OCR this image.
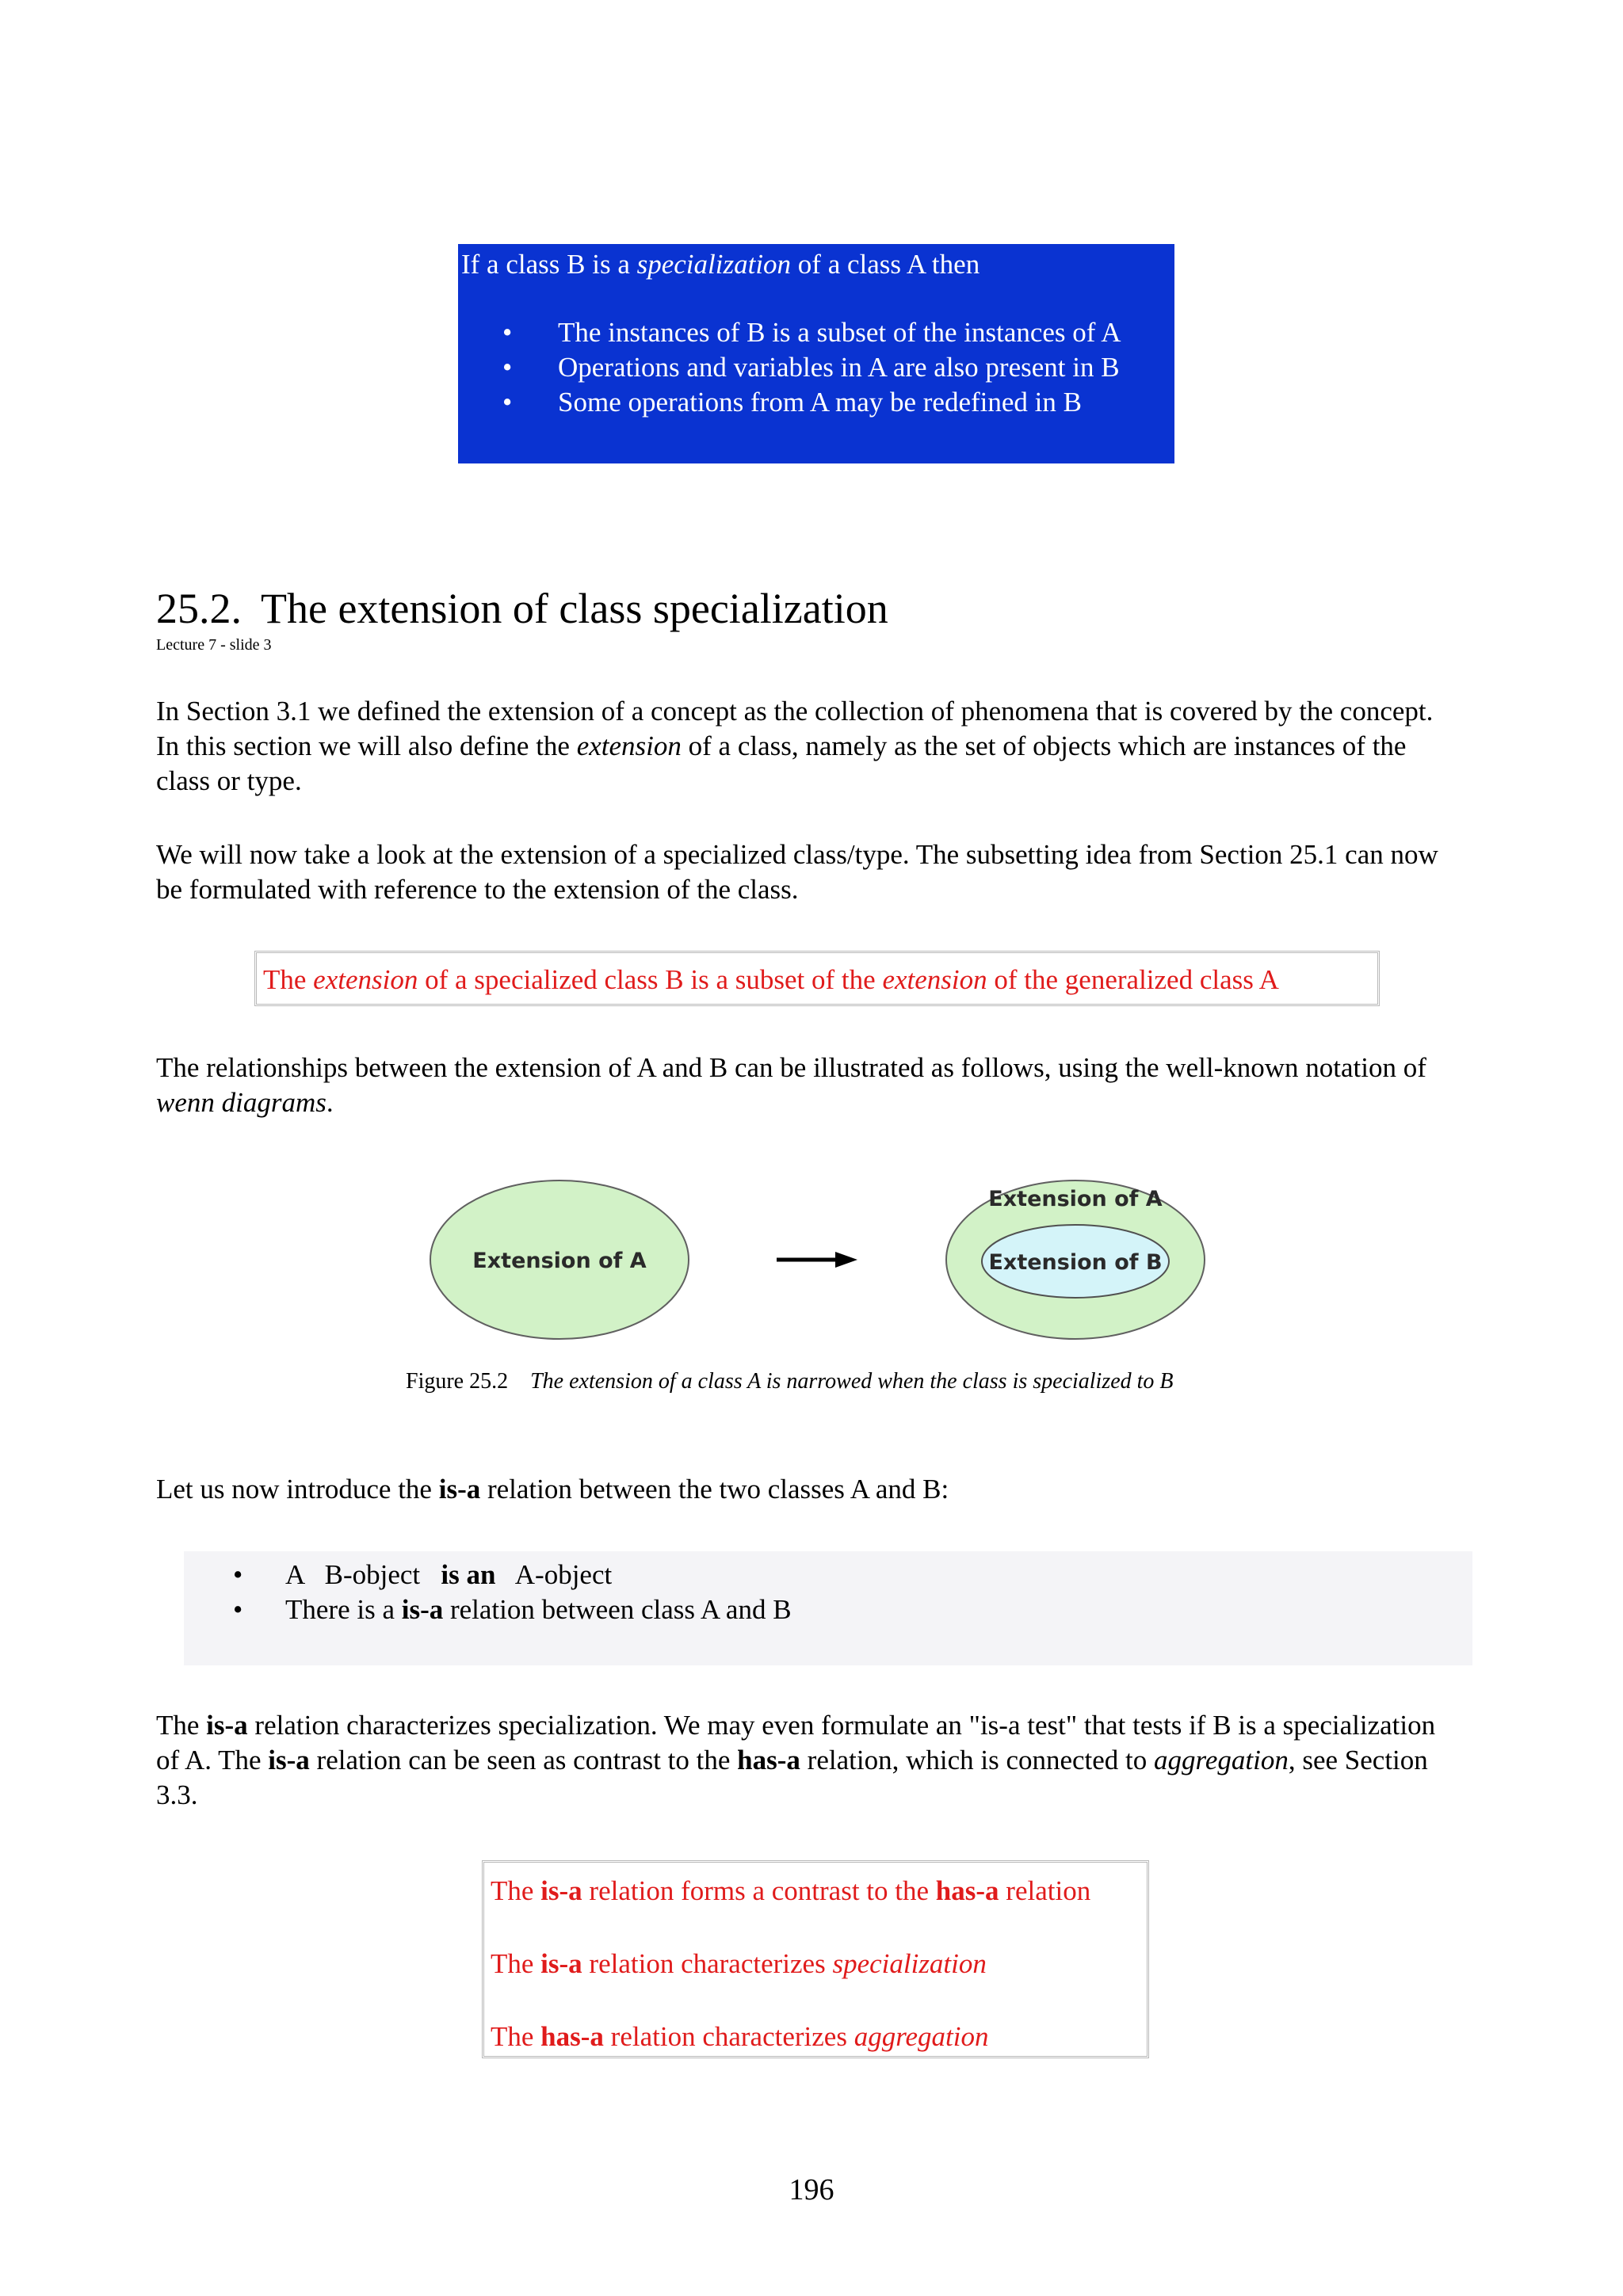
If a class B is a specialization of a class A then

• The instances of B is a subset of the instances of A
• Operations and variables in A are also present in B
• Some operations from A may be redefined in B
25.2. The extension of class specialization
Lecture 7 - slide 3

In Section 3.1 we defined the extension of a concept as the collection of phenomena that is covered by the concept. In this section we will also define the extension of a class, namely as the set of objects which are instances of the class or type.

We will now take a look at the extension of a specialized class/type. The subsetting idea from Section 25.1 can now be formulated with reference to the extension of the class.

The extension of a specialized class B is a subset of the extension of the generalized class A

The relationships between the extension of A and B can be illustrated as follows, using the well-known notation of wenn diagrams.

Extension of A
Extension of A
Extension of B

Figure 25.2 The extension of a class A is narrowed when the class is specialized to B

Let us now introduce the is-a relation between the two classes A and B:

• A   B-object   is an   A-object
• There is a is-a relation between class A and B

The is-a relation characterizes specialization. We may even formulate an "is-a test" that tests if B is a specialization of A. The is-a relation can be seen as contrast to the has-a relation, which is connected to aggregation, see Section 3.3.

The is-a relation forms a contrast to the has-a relation

The is-a relation characterizes specialization

The has-a relation characterizes aggregation

196
